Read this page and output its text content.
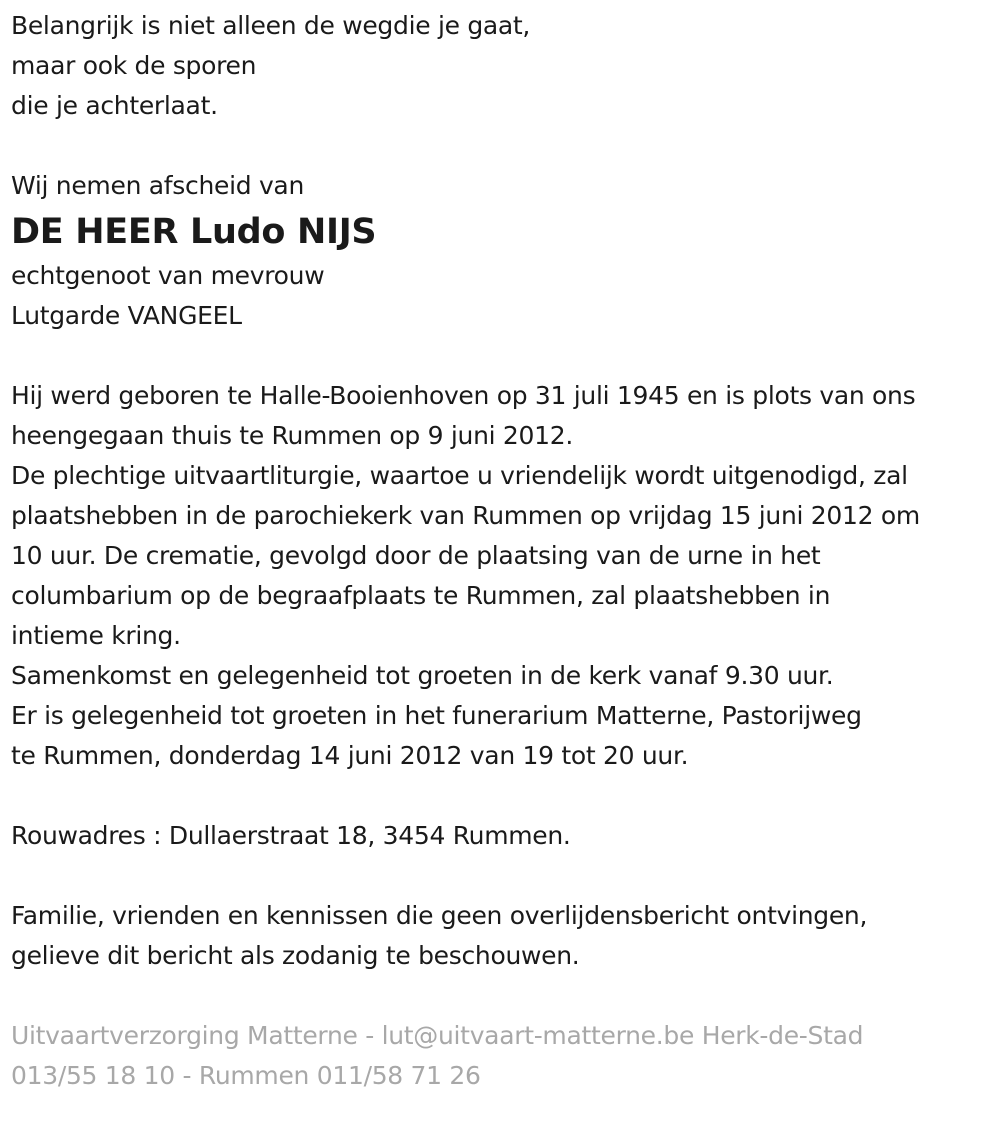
Belangrijk is niet alleen de wegdie je gaat,
maar ook de sporen
die je achterlaat.
Wij nemen afscheid van
DE HEER Ludo NIJS
echtgenoot van mevrouw
Lutgarde VANGEEL
Hij werd geboren te Halle-Booienhoven op 31 juli 1945 en is plots van ons
heengegaan thuis te Rummen op 9 juni 2012.
De plechtige uitvaartliturgie, waartoe u vriendelijk wordt uitgenodigd, zal
plaatshebben in de parochiekerk van Rummen op vrijdag 15 juni 2012 om
10 uur. De crematie, gevolgd door de plaatsing van de urne in het
columbarium op de begraafplaats te Rummen, zal plaatshebben in
intieme kring.
Samenkomst en gelegenheid tot groeten in de kerk vanaf 9.30 uur.
Er is gelegenheid tot groeten in het funerarium Matterne, Pastorijweg
te Rummen, donderdag 14 juni 2012 van 19 tot 20 uur.
Rouwadres : Dullaerstraat 18, 3454 Rummen.
Familie, vrienden en kennissen die geen overlijdensbericht ontvingen,
gelieve dit bericht als zodanig te beschouwen.
Uitvaartverzorging Matterne - lut@uitvaart-matterne.be Herk-de-Stad
013/55 18 10 - Rummen 011/58 71 26
